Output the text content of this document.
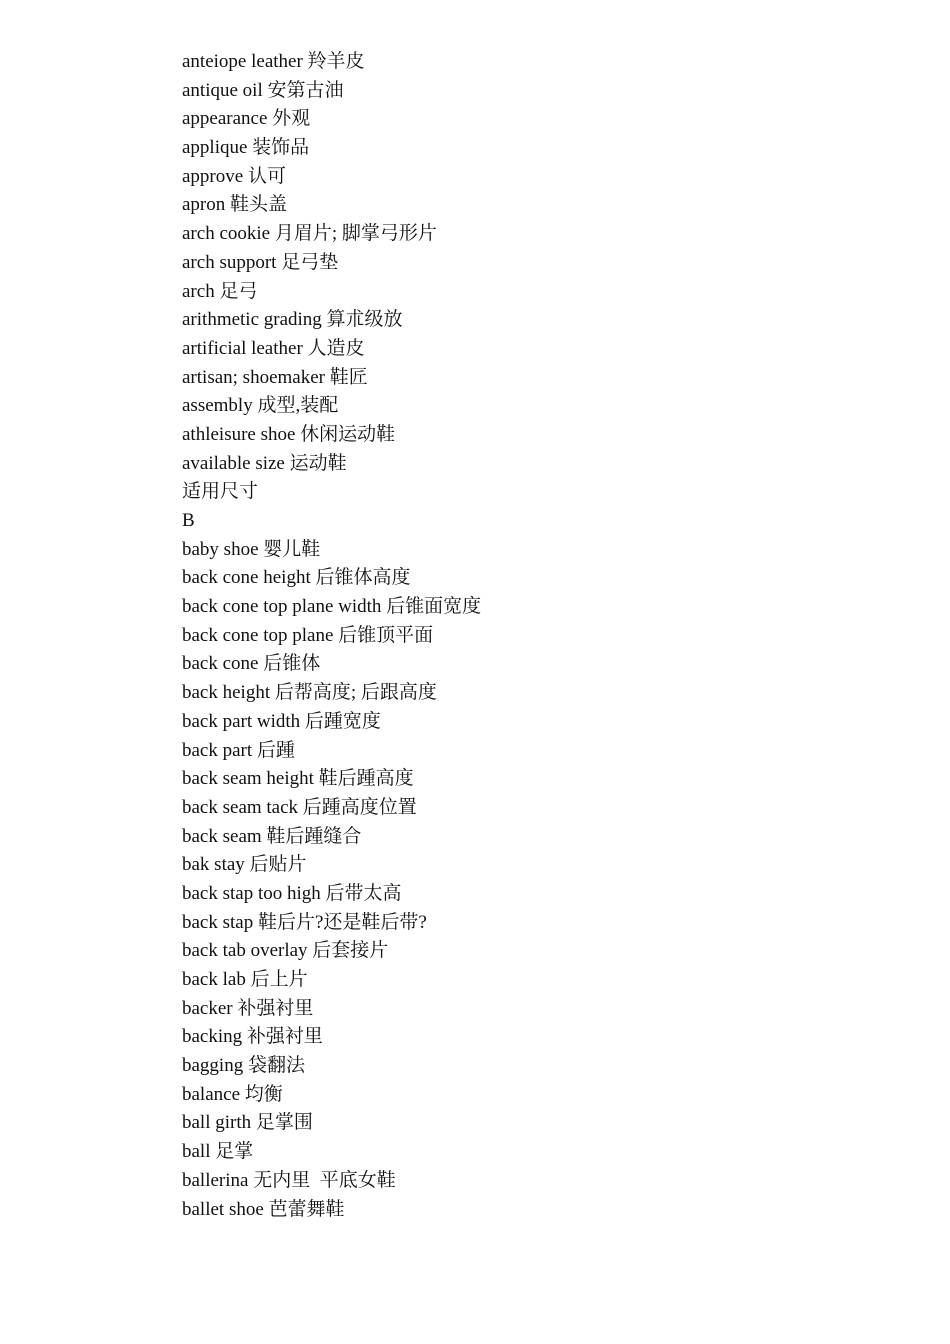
anteiope leather 羚羊皮
antique oil 安第古油
appearance 外观
applique 装饰品
approve 认可
apron 鞋头盖
arch cookie 月眉片; 脚掌弓形片
arch support 足弓垫
arch 足弓
arithmetic grading 算朮级放
artificial leather 人造皮
artisan; shoemaker 鞋匠
assembly 成型,装配
athleisure shoe 休闲运动鞋
available size 运动鞋
适用尺寸
B
baby shoe 婴儿鞋
back cone height 后锥体高度
back cone top plane width 后锥面宽度
back cone top plane 后锥顶平面
back cone 后锥体
back height 后帮高度; 后跟高度
back part width 后踵宽度
back part 后踵
back seam height 鞋后踵高度
back seam tack 后踵高度位置
back seam 鞋后踵缝合
bak stay 后贴片
back stap too high 后带太高
back stap 鞋后片?还是鞋后带?
back tab overlay 后套接片
back lab 后上片
backer 补强衬里
backing 补强衬里
bagging 袋翻法
balance 均衡
ball girth 足掌围
ball 足掌
ballerina 无内里  平底女鞋
ballet shoe 芭蕾舞鞋
